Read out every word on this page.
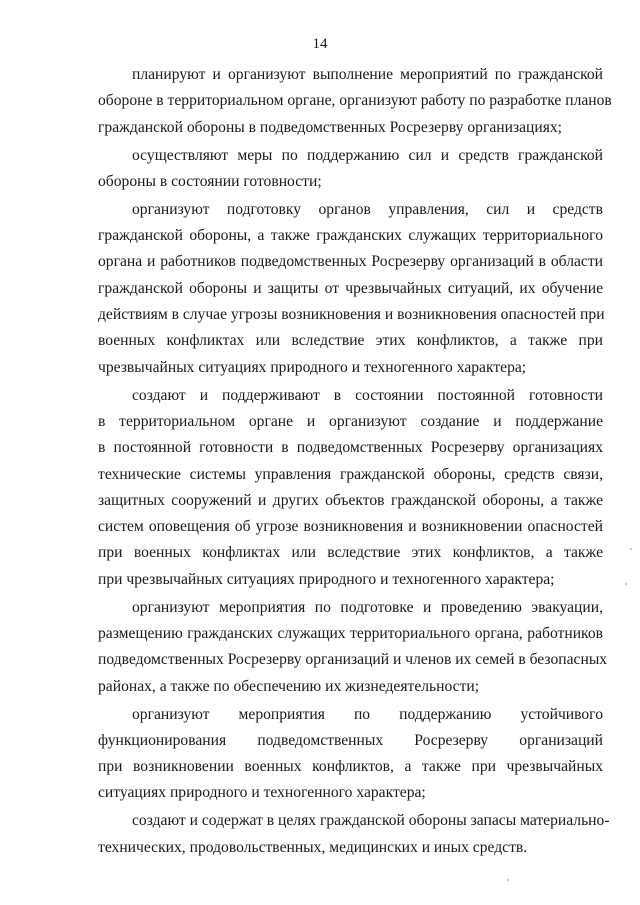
14
планируют и организуют выполнение мероприятий по гражданской
обороне в территориальном органе, организуют работу по разработке планов
гражданской обороны в подведомственных Росрезерву организациях;
осуществляют меры по поддержанию сил и средств гражданской
обороны в состоянии готовности;
организуют подготовку органов управления, сил и средств
гражданской обороны, а также гражданских служащих территориального
органа и работников подведомственных Росрезерву организаций в области
гражданской обороны и защиты от чрезвычайных ситуаций, их обучение
действиям в случае угрозы возникновения и возникновения опасностей при
военных конфликтах или вследствие этих конфликтов, а также при
чрезвычайных ситуациях природного и техногенного характера;
создают и поддерживают в состоянии постоянной готовности
в территориальном органе и организуют создание и поддержание
в постоянной готовности в подведомственных Росрезерву организациях
технические системы управления гражданской обороны, средств связи,
защитных сооружений и других объектов гражданской обороны, а также
систем оповещения об угрозе возникновения и возникновении опасностей
при военных конфликтах или вследствие этих конфликтов, а также
при чрезвычайных ситуациях природного и техногенного характера;
организуют мероприятия по подготовке и проведению эвакуации,
размещению гражданских служащих территориального органа, работников
подведомственных Росрезерву организаций и членов их семей в безопасных
районах, а также по обеспечению их жизнедеятельности;
организуют мероприятия по поддержанию устойчивого
функционирования подведомственных Росрезерву организаций
при возникновении военных конфликтов, а также при чрезвычайных
ситуациях природного и техногенного характера;
создают и содержат в целях гражданской обороны запасы материально-
технических, продовольственных, медицинских и иных средств.
